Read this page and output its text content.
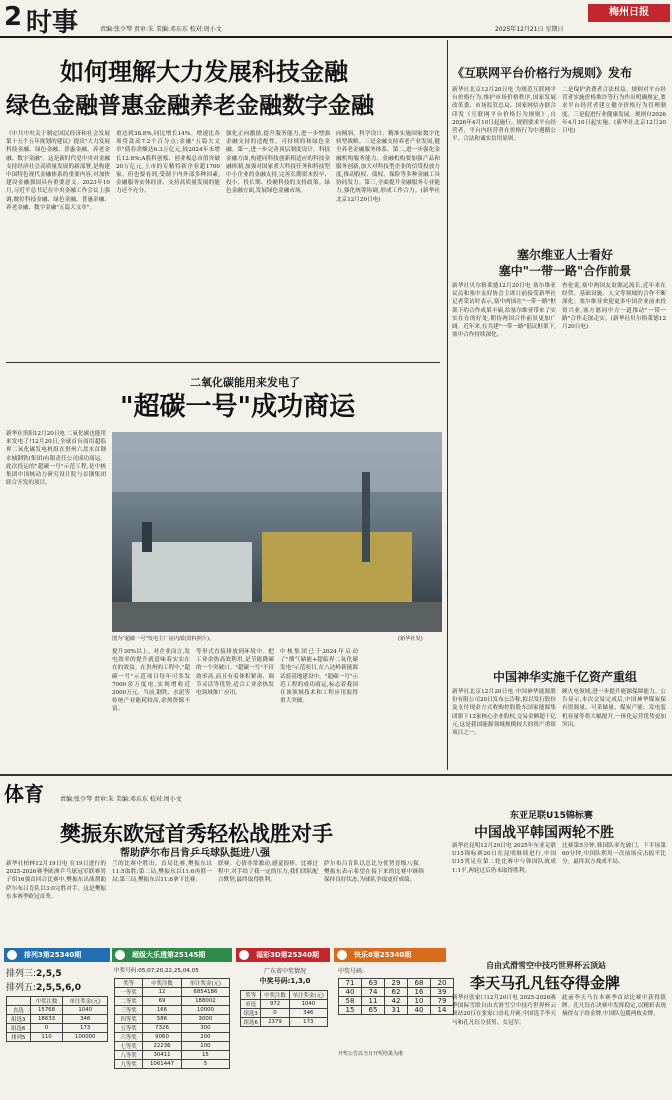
2 时事	责编:张少琴 责审:朱 美编:邓东东 校对:周小文	2025年12月21日 星期日
梅州日报
如何理解大力发展科技金融
绿色金融普惠金融养老金融数字金融
《中共中央关于制定国民经济和社会发展第十五个五年规划的建议》提出"大力发展科技金融、绿色金融、普惠金融、养老金融、数字金融"。这是新时代党中央对金融支持经济社会高质量发展的新部署,是构建中国特色现代金融体系的重要内容,对加快建设金融强国具有重要意义。2023年10月,习近平总书记在中央金融工作会议上强调,做好科技金融、绿色金融、普惠金融、养老金融、数字金融"五篇大文章"。
重达到38.8%,同比增长14%。增速比各项贷款高7.2个百分点;金融"五篇大文章"债券余额达6.3万亿元,较2024年末增长12.8%;A股科创板、创业板总市值突破20万亿元,上市的专精特新企业超1700家。但也要看到,受制于内外部多种因素,金融服务实体经济、支持高质量发展的能力还不充分。
强化正向激励,提升服务能力,进一步增强金融支持的适配性。可持续的和绿色金融。第一,进一步完善顶层制度设计。科技金融方面,构建同科技创新相适应的科技金融体制,加强对国家重大科技任务和科技型中小企业的金融支持,完善长期资本投早、投小、投长期、投硬科技的支持政策。绿色金融方面,发展绿色金融市场。
向倾斜。科学设计、精准实施国家数字化转型战略。三是金融支持养老产业发展,健全养老金融服务体系。第二,进一步强化金融机构服务能力。金融机构要加强产品和服务创新,加大对科技型企业的信贷投放力度,推动股权、债权、保险等多种金融工具协同发力。第三,全面提升金融服务专业能力,强化统筹协调,形成工作合力。(新华社北京12月20日电)
二氧化碳能用来发电了
"超碳一号"成功商运
新华社贵阳12月20日电 二氧化碳也能用来发电了!12月20日,全球首台商用超临界二氧化碳发电机组在贵州六盘水首钢水城钢铁(集团)有限责任公司成功商运。此次投运的"超碳一号"示范工程,是中核集团中国核动力研究设计院与首钢集团联合开发的项目。
图为"超碳一号"发电主厂房内部(资料照片)。	(新华社发)
提升30%以上。对企业而言,发电效率的提升就意味着实实在在的效益。在贵州的工程中,"超碳一号"示范项目每年可多发7000余万度电,实现增收近2000万元。当前,钢铁、水泥等传统产业能耗较高,余热资源丰富。
等形式直接排放到环境中。把工业余热高效利用,是节能降碳的一个突破口。"超碳一号"不仅效率高,而且有着体积紧凑、调节灵活等优势,适合工业余热发电领域推广应用。
中核集团已于2024年启动了"烟气储能+超临界二氧化碳发电"示范项目,在八达岭新能源试验基地建设中。"超碳一号"示范工程的成功商运,标志着我国在该领域技术和工程应用取得重大突破。
《互联网平台价格行为规则》发布
新华社北京12月20日电 为规范互联网平台价格行为,维护市场价格秩序,国家发展改革委、市场监管总局、国家网信办联合印发《互联网平台价格行为规则》,自2026年4月10日起施行。规则要求平台经营者、平台内经营者在价格行为中遵循公平、合法和诚实信用原则。
二是保护消费者合法权益。规则对平台经营者实施价格欺诈等行为作出明确规定,要求平台经营者建立健全价格行为管理制度。三是促进行业健康发展。规则自2026年4月10日起实施。(新华社北京12月20日电)
塞尔维亚人士看好
塞中"一带一路"合作前景
新华社贝尔格莱德12月20日电 塞尔维亚议员和塞中友好协会主席日前接受新华社记者采访时表示,塞中两国在"一带一路"框架下的合作成果丰硕,给塞尔维亚带来了实实在在的好处,期待两国合作前景更加广阔。近年来,在共建"一带一路"倡议框架下,塞中合作持续深化。
查伦说,塞中两国友谊源远流长,近年来在经贸、基础设施、人文等领域的合作不断深化。塞尔维亚欢迎更多中国企业前来投资兴业,塞方愿同中方一道推动"一带一路"合作走深走实。(新华社贝尔格莱德12月20日电)
中国神华实施千亿资产重组
新华社北京12月20日电 中国神华能源股份有限公司20日发布公告称,拟以发行股份及支付现金方式收购控股股东国家能源集团旗下12家核心企业股权,交易金额超千亿元,这是我国能源领域规模较大的资产重组项目之一。
硬火电领域,进一步提升能源保障能力。公告显示,本次交易完成后,中国神华煤炭保有资源量、可采储量、煤炭产能、发电装机容量等将大幅提升,一体化运营优势更加突出。
体育	责编:张少琴 责审:朱 美编:邓东东 校对:周小文
樊振东欧冠首秀轻松战胜对手
帮助萨尔布吕肯乒乓球队挺进八强
新华社柏林12月19日电 在19日进行的2025-2026赛季欧洲乒乓球冠军联赛男子组16强首回合比赛中,樊振东出战帮助萨尔布吕肯队以3:0完胜对手。这是樊振东本赛季欧冠首秀。
兰的比赛中胜出。首局比赛,樊振东以11:5取胜;第二局,樊振东以11:6再胜一局;第三局,樊振东以11:8拿下比赛。
联赛。心情非常激动,感觉很棒。比赛过程中,对手给了我一定的压力,我们团队配合默契,最终取得胜利。
萨尔布吕肯队以总比分优势晋级八强。樊振东表示希望在接下来的比赛中继续保持良好状态,为球队争取更好成绩。
东亚足联U15锦标赛
中国战平韩国两轮不胜
新华社昆明12月20日电 2025年东亚足联U15锦标赛20日在昆明继续进行,中国U15男足在第二轮比赛中与韩国队战成1:1平,两轮过后仍未取得胜利。
比赛第5分钟,韩国队率先破门。下半场第60分钟,中国队利用一次前场反击扳平比分。最终双方战成平局。
排列3第25340期	超级大乐透第25145期	福彩3D第25340期	快乐8第25340期
排列三:2,5,5
排列五:2,5,5,6,0
	中奖注数	单注奖金(元)
直选	15768	1040
组选3	18633	346
组选6	0	173
排列5	110	100000
中奖号码:05,07,20,22,25,04,05
奖等	中奖注数	单注奖金(元)
一等奖	12	6854186
二等奖	69	188002
三等奖	166	10000
四等奖	586	3000
五等奖	7326	300
六等奖	9060	200
七等奖	22236	100
八等奖	30411	15
九等奖	1061447	5
广东省中奖情况
中奖号码:1,3,0
奖等	中奖注数	单注奖金(元)
单选	972	1040
组选3	0	346
组选6	2379	173
中奖号码:
71	63	29	68	20
40	74	62	16	39
58	11	42	10	79
15	65	31	40	14
开奖公告以当日开奖结果为准
自由式滑雪空中技巧世界杯云顶站
李天马孔凡钰夺得金牌
新华社张家口12月20日电 2025-2026赛季国际雪联自由式滑雪空中技巧世界杯云顶站20日在张家口崇礼开赛,中国选手李天马和孔凡钰分获男、女冠军。
此前李天马在本赛季首站比赛中获得银牌。孔凡钰在决赛中发挥稳定,以精彩表现摘得女子组金牌,中国队包揽两枚金牌。
